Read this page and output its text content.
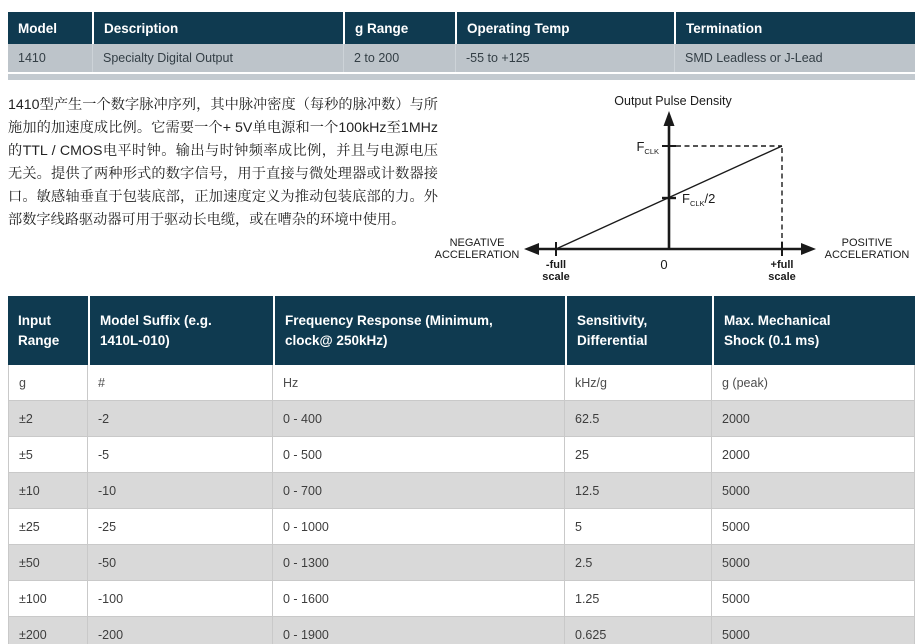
Model	Description	g Range	Operating Temp	Termination
1410	Specialty Digital Output	2 to 200	-55 to +125	SMD Leadless or J-Lead
1410型产生一个数字脉冲序列，其中脉冲密度（每秒的脉冲数）与所施加的加速度成比例。它需要一个+ 5V单电源和一个100kHz至1MHz的TTL / CMOS电平时钟。输出与时钟频率成比例，并且与电源电压无关。提供了两种形式的数字信号，用于直接与微处理器或计数器接口。敏感轴垂直于包装底部，正加速度定义为推动包装底部的力。外部数字线路驱动器可用于驱动长电缆，或在嘈杂的环境中使用。
Output Pulse Density
$F_{CLK}$
$F_{CLK}/2$
NEGATIVE
ACCELERATION
POSITIVE
ACCELERATION
-full
scale
0	+full
scale
Input Range	Model Suffix (e.g. 1410L-010)	Frequency Response (Minimum, clock@ 250kHz)	Sensitivity, Differential	Max. Mechanical Shock (0.1 ms)
g	#	Hz	kHz/g	g (peak)
±2	-2	0 - 400	62.5	2000
±5	-5	0 - 500	25	2000
±10	-10	0 - 700	12.5	5000
±25	-25	0 - 1000	5	5000
±50	-50	0 - 1300	2.5	5000
±100	-100	0 - 1600	1.25	5000
±200	-200	0 - 1900	0.625	5000
